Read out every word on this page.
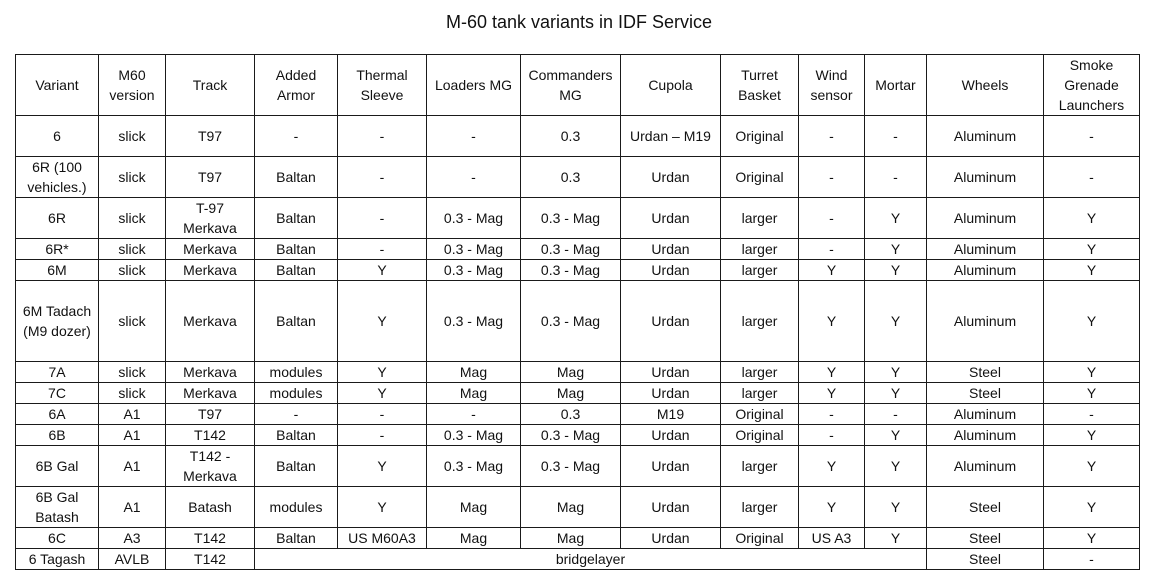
M-60 tank variants in IDF Service
Variant	M60 version	Track	Added Armor	Thermal Sleeve	Loaders MG	Commanders MG	Cupola	Turret Basket	Wind sensor	Mortar	Wheels	Smoke Grenade Launchers
6	slick	T97	-	-	-	0.3	Urdan – M19	Original	-	-	Aluminum	-
6R (100 vehicles.)	slick	T97	Baltan	-	-	0.3	Urdan	Original	-	-	Aluminum	-
6R	slick	T-97 Merkava	Baltan	-	0.3 - Mag	0.3 - Mag	Urdan	larger	-	Y	Aluminum	Y
6R*	slick	Merkava	Baltan	-	0.3 - Mag	0.3 - Mag	Urdan	larger	-	Y	Aluminum	Y
6M	slick	Merkava	Baltan	Y	0.3 - Mag	0.3 - Mag	Urdan	larger	Y	Y	Aluminum	Y
6M Tadach (M9 dozer)	slick	Merkava	Baltan	Y	0.3 - Mag	0.3 - Mag	Urdan	larger	Y	Y	Aluminum	Y
7A	slick	Merkava	modules	Y	Mag	Mag	Urdan	larger	Y	Y	Steel	Y
7C	slick	Merkava	modules	Y	Mag	Mag	Urdan	larger	Y	Y	Steel	Y
6A	A1	T97	-	-	-	0.3	M19	Original	-	-	Aluminum	-
6B	A1	T142	Baltan	-	0.3 - Mag	0.3 - Mag	Urdan	Original	-	Y	Aluminum	Y
6B Gal	A1	T142 - Merkava	Baltan	Y	0.3 - Mag	0.3 - Mag	Urdan	larger	Y	Y	Aluminum	Y
6B Gal Batash	A1	Batash	modules	Y	Mag	Mag	Urdan	larger	Y	Y	Steel	Y
6C	A3	T142	Baltan	US M60A3	Mag	Mag	Urdan	Original	US A3	Y	Steel	Y
6 Tagash	AVLB	T142	bridgelayer								Steel	-
